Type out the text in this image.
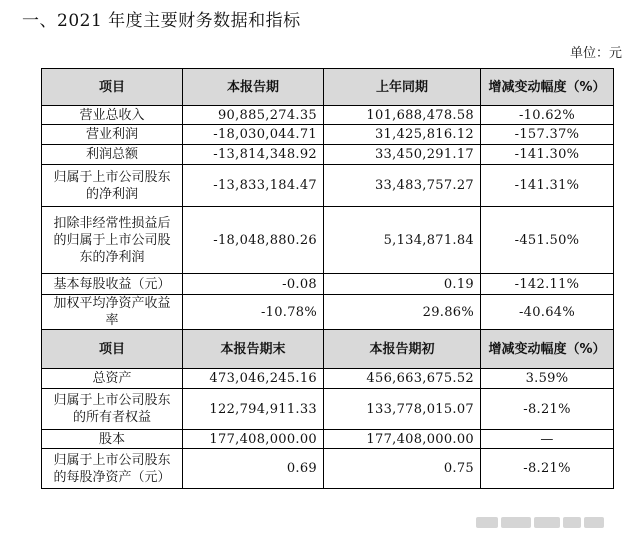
一、2021 年度主要财务数据和指标
单位：元
项目	本报告期	上年同期	增减变动幅度（%）
营业总收入	90,885,274.35	101,688,478.58	-10.62%
营业利润	-18,030,044.71	31,425,816.12	-157.37%
利润总额	-13,814,348.92	33,450,291.17	-141.30%
归属于上市公司股东的净利润	-13,833,184.47	33,483,757.27	-141.31%
扣除非经常性损益后的归属于上市公司股东的净利润	-18,048,880.26	5,134,871.84	-451.50%
基本每股收益（元）	-0.08	0.19	-142.11%
加权平均净资产收益率	-10.78%	29.86%	-40.64%
项目	本报告期末	本报告期初	增减变动幅度（%）
总资产	473,046,245.16	456,663,675.52	3.59%
归属于上市公司股东的所有者权益	122,794,911.33	133,778,015.07	-8.21%
股本	177,408,000.00	177,408,000.00	—
归属于上市公司股东的每股净资产（元）	0.69	0.75	-8.21%
